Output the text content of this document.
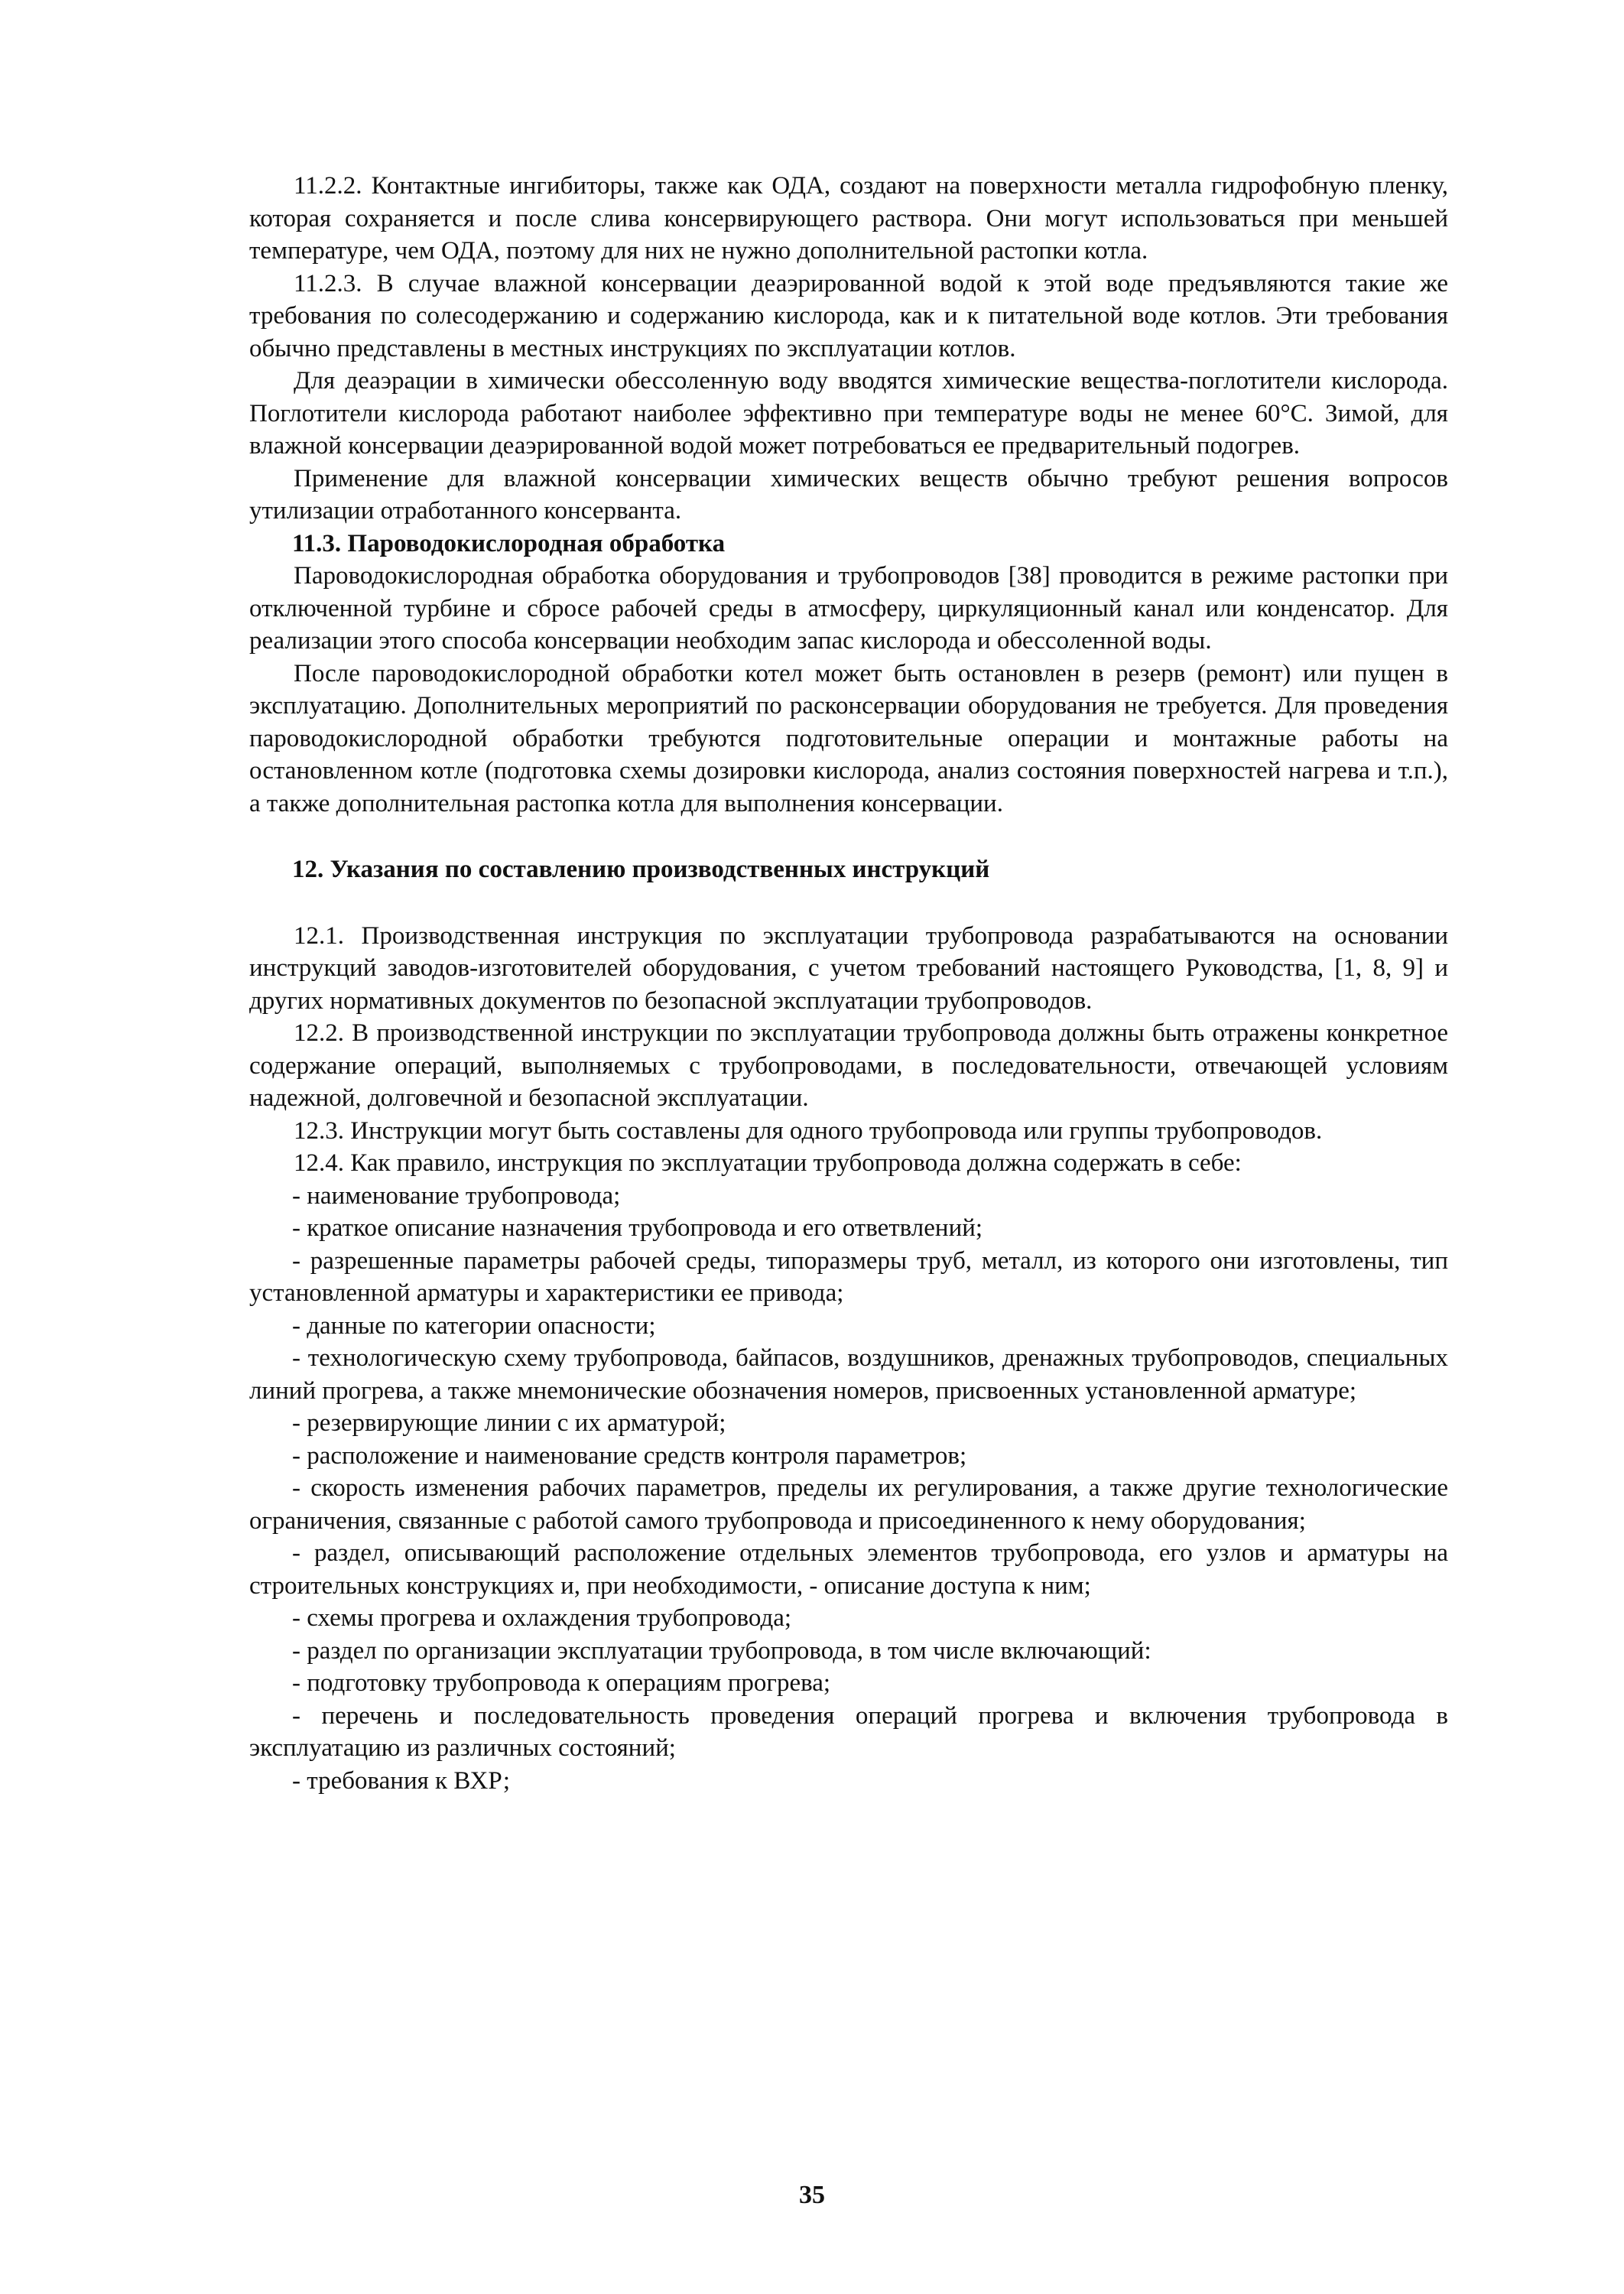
11.2.2. Контактные ингибиторы, также как ОДА, создают на поверхности металла гидрофобную пленку, которая сохраняется и после слива консервирующего раствора. Они могут использоваться при меньшей температуре, чем ОДА, поэтому для них не нужно дополнительной растопки котла.

11.2.3. В случае влажной консервации деаэрированной водой к этой воде предъявляются такие же требования по солесодержанию и содержанию кислорода, как и к питательной воде котлов. Эти требования обычно представлены в местных инструкциях по эксплуатации котлов.

Для деаэрации в химически обессоленную воду вводятся химические вещества-поглотители кислорода. Поглотители кислорода работают наиболее эффективно при температуре воды не менее 60°С. Зимой, для влажной консервации деаэрированной водой может потребоваться ее предварительный подогрев.

Применение для влажной консервации химических веществ обычно требуют решения вопросов утилизации отработанного консерванта.

11.3. Пароводокислородная обработка

Пароводокислородная обработка оборудования и трубопроводов [38] проводится в режиме растопки при отключенной турбине и сбросе рабочей среды в атмосферу, циркуляционный канал или конденсатор. Для реализации этого способа консервации необходим запас кислорода и обессоленной воды.

После пароводокислородной обработки котел может быть остановлен в резерв (ремонт) или пущен в эксплуатацию. Дополнительных мероприятий по расконсервации оборудования не требуется. Для проведения пароводокислородной обработки требуются подготовительные операции и монтажные работы на остановленном котле (подготовка схемы дозировки кислорода, анализ состояния поверхностей нагрева и т.п.), а также дополнительная растопка котла для выполнения консервации.

12. Указания по составлению производственных инструкций

12.1. Производственная инструкция по эксплуатации трубопровода разрабатываются на основании инструкций заводов-изготовителей оборудования, с учетом требований настоящего Руководства, [1, 8, 9] и других нормативных документов по безопасной эксплуатации трубопроводов.

12.2. В производственной инструкции по эксплуатации трубопровода должны быть отражены конкретное содержание операций, выполняемых с трубопроводами, в последовательности, отвечающей условиям надежной, долговечной и безопасной эксплуатации.

12.3. Инструкции могут быть составлены для одного трубопровода или группы трубопроводов.

12.4. Как правило, инструкция по эксплуатации трубопровода должна содержать в себе:

- наименование трубопровода;

- краткое описание назначения трубопровода и его ответвлений;

- разрешенные параметры рабочей среды, типоразмеры труб, металл, из которого они изготовлены, тип установленной арматуры и характеристики ее привода;

- данные по категории опасности;

- технологическую схему трубопровода, байпасов, воздушников, дренажных трубопроводов, специальных линий прогрева, а также мнемонические обозначения номеров, присвоенных установленной арматуре;

- резервирующие линии с их арматурой;

- расположение и наименование средств контроля параметров;

- скорость изменения рабочих параметров, пределы их регулирования, а также другие технологические ограничения, связанные с работой самого трубопровода и присоединенного к нему оборудования;

- раздел, описывающий расположение отдельных элементов трубопровода, его узлов и арматуры на строительных конструкциях и, при необходимости, - описание доступа к ним;

- схемы прогрева и охлаждения трубопровода;

- раздел по организации эксплуатации трубопровода, в том числе включающий:

- подготовку трубопровода к операциям прогрева;

- перечень и последовательность проведения операций прогрева и включения трубопровода в эксплуатацию из различных состояний;

- требования к ВХР;

35
